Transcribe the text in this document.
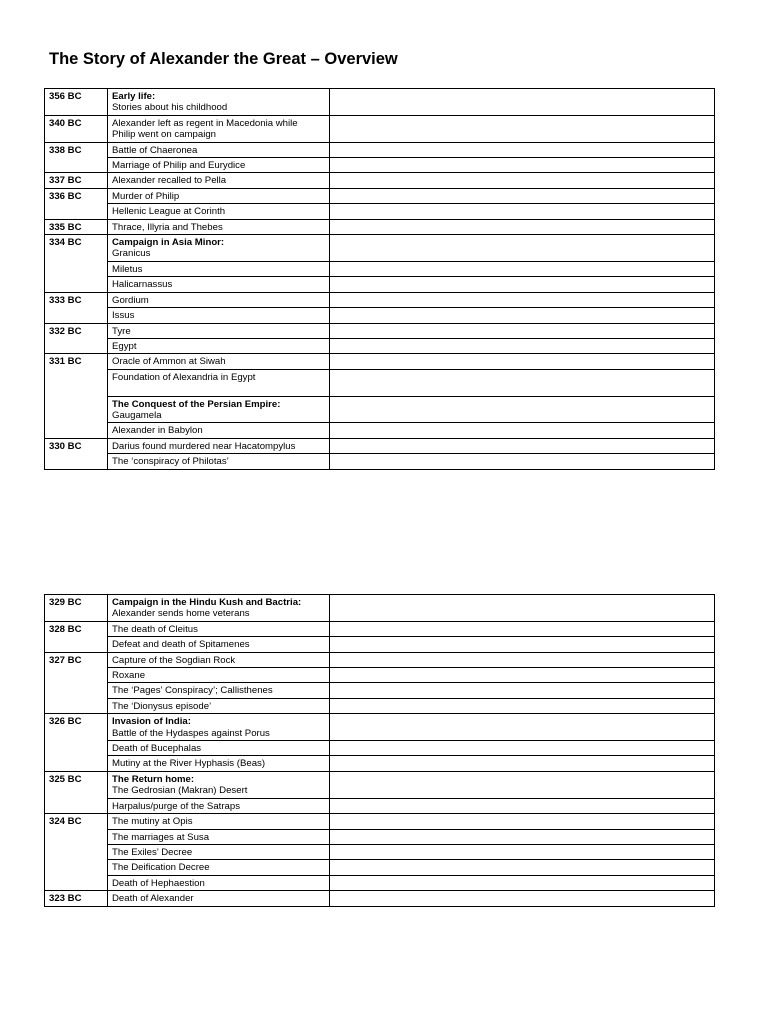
The Story of Alexander the Great – Overview
356 BC	Early life:
Stories about his childhood	

340 BC	Alexander left as regent in Macedonia while
Philip went on campaign	

338 BC	Battle of Chaeronea	

	Marriage of Philip and Eurydice	

337 BC	Alexander recalled to Pella	

336 BC	Murder of Philip	

	Hellenic League at Corinth	

335 BC	Thrace, Illyria and Thebes	

334 BC	Campaign in Asia Minor:
Granicus	

	Miletus	

	Halicarnassus	

333 BC	Gordium	

	Issus	

332 BC	Tyre	

	Egypt	

331 BC	Oracle of Ammon at Siwah	

	Foundation of Alexandria in Egypt	

	The Conquest of the Persian Empire:
Gaugamela	

	Alexander in Babylon	

330 BC	Darius found murdered near Hacatompylus	

	The ‘conspiracy of Philotas’	

329 BC	Campaign in the Hindu Kush and Bactria:
Alexander sends home veterans	

328 BC	The death of Cleitus	

	Defeat and death of Spitamenes	

327 BC	Capture of the Sogdian Rock	

	Roxane	

	The ‘Pages’ Conspiracy’; Callisthenes	

	The ‘Dionysus episode’	

326 BC	Invasion of India:
Battle of the Hydaspes against Porus	

	Death of Bucephalas	

	Mutiny at the River Hyphasis (Beas)	

325 BC	The Return home:
The Gedrosian (Makran) Desert	

	Harpalus/purge of the Satraps	

324 BC	The mutiny at Opis	

	The marriages at Susa	

	The Exiles’ Decree	

	The Deification Decree	

	Death of Hephaestion	

323 BC	Death of Alexander	
